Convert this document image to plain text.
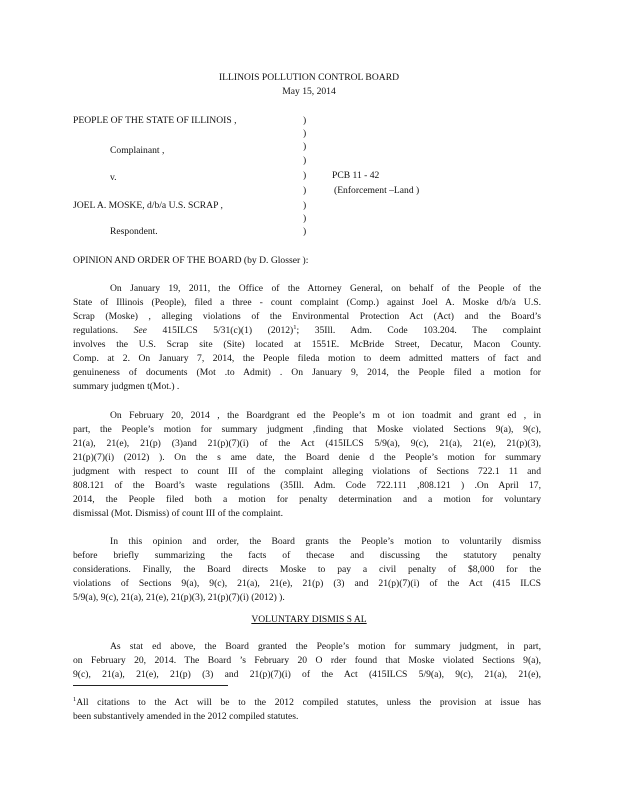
ILLINOIS POLLUTION CONTROL BOARD
May 15, 2014
PEOPLE OF THE STATE OF ILLINOIS ,
Complainant ,
v.	PCB 11 - 42
(Enforcement –Land )
JOEL A. MOSKE, d/b/a U.S. SCRAP ,
Respondent.
)
)
)
)
)
)
)
)
)
OPINION AND ORDER OF THE BOARD (by D. Glosser ):
On January 19, 2011, the Office of the Attorney General, on behalf of the People of the
State of Illinois (People), filed a three - count complaint (Comp.) against Joel A. Moske d/b/a U.S.
Scrap (Moske) , alleging violations of the Environmental Protection Act (Act) and the Board’s
regulations. See 415ILCS 5/31(c)(1) $(2012)^1$; 35Ill. Adm. Code 103.204. The complaint
involves the U.S. Scrap site (Site) located at 1551E. McBride Street, Decatur, Macon County.
Comp. at 2. On January 7, 2014, the People fileda motion to deem admitted matters of fact and
genuineness of documents (Mot .to Admit) . On January 9, 2014, the People filed a motion for
summary judgmen t(Mot.) .
On February 20, 2014 , the Boardgrant ed the People’s m ot ion toadmit and grant ed , in
part, the People’s motion for summary judgment ,finding that Moske violated Sections 9(a), 9(c),
21(a), 21(e), 21(p) (3)and 21(p)(7)(i) of the Act (415ILCS 5/9(a), 9(c), 21(a), 21(e), 21(p)(3),
21(p)(7)(i) (2012) ). On the s ame date, the Board denie d the People’s motion for summary
judgment with respect to count III of the complaint alleging violations of Sections 722.1 11 and
808.121 of the Board’s waste regulations (35Ill. Adm. Code 722.111 ,808.121 ) .On April 17,
2014, the People filed both a motion for penalty determination and a motion for voluntary
dismissal (Mot. Dismiss) of count III of the complaint.
In this opinion and order, the Board grants the People’s motion to voluntarily dismiss
before briefly summarizing the facts of thecase and discussing the statutory penalty
considerations. Finally, the Board directs Moske to pay a civil penalty of $8,000 for the
violations of Sections 9(a), 9(c), 21(a), 21(e), 21(p) (3) and 21(p)(7)(i) of the Act (415 ILCS
5/9(a), 9(c), 21(a), 21(e), 21(p)(3), 21(p)(7)(i) (2012) ).
VOLUNTARY DISMIS S AL
As stat ed above, the Board granted the People’s motion for summary judgment, in part,
on February 20, 2014. The Board ’s February 20 O rder found that Moske violated Sections 9(a),
9(c), 21(a), 21(e), 21(p) (3) and 21(p)(7)(i) of the Act (415ILCS 5/9(a), 9(c), 21(a), 21(e),
$^1$All citations to the Act will be to the 2012 compiled statutes, unless the provision at issue has
been substantively amended in the 2012 compiled statutes.
